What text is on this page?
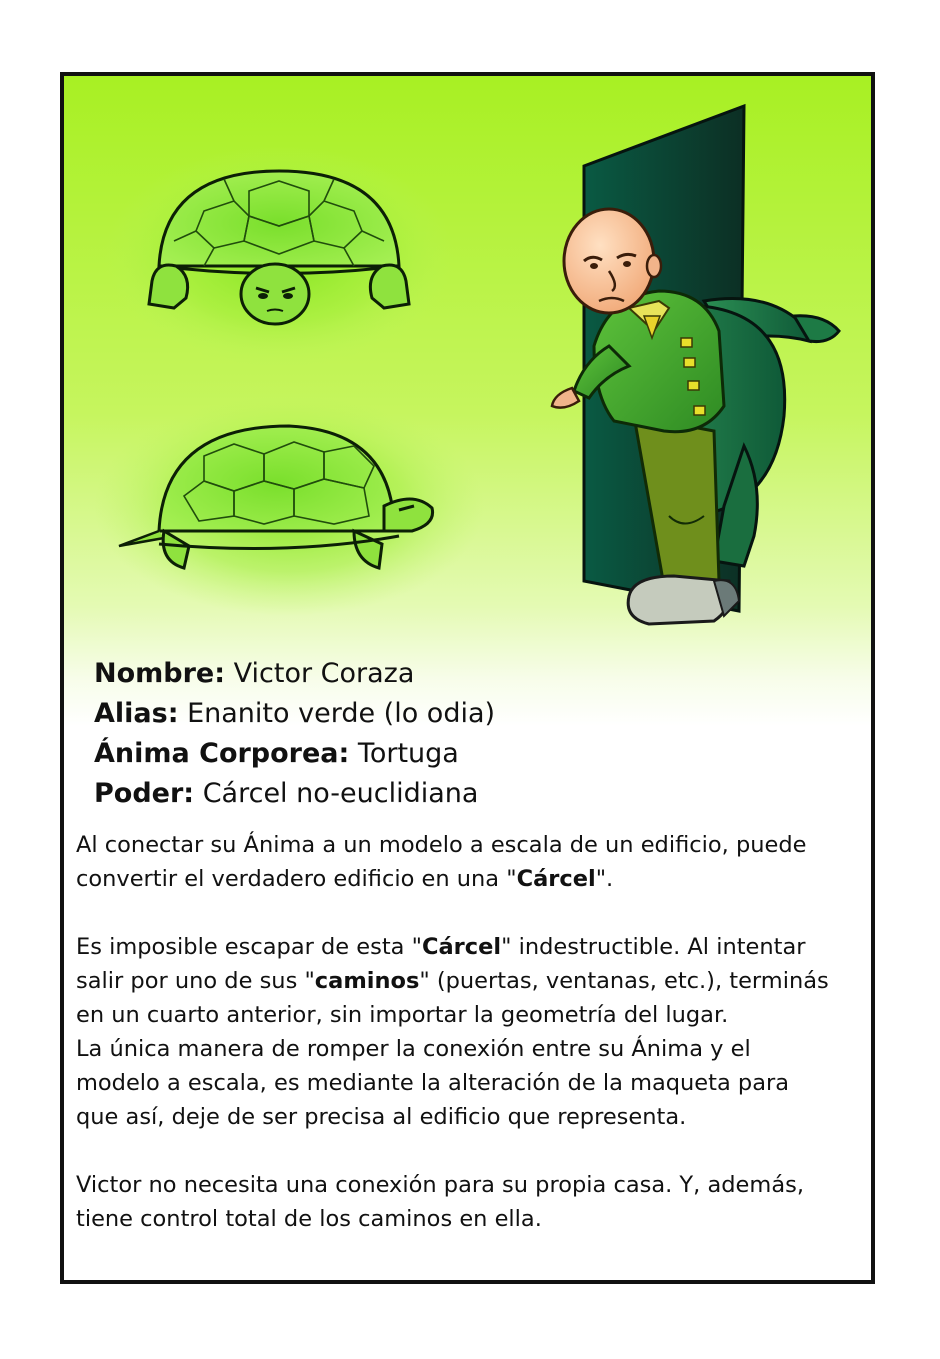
Nombre: Victor Coraza
Alias: Enanito verde (lo odia)
Ánima Corporea: Tortuga
Poder: Cárcel no-euclidiana

Al conectar su Ánima a un modelo a escala de un edificio, puede

convertir el verdadero edificio en una "Cárcel".

Es imposible escapar de esta "Cárcel" indestructible. Al intentar

salir por uno de sus "caminos" (puertas, ventanas, etc.), terminás

en un cuarto anterior, sin importar la geometría del lugar.

La única manera de romper la conexión entre su Ánima y el

modelo a escala, es mediante la alteración de la maqueta para

que así, deje de ser precisa al edificio que representa.

Victor no necesita una conexión para su propia casa. Y, además,

tiene control total de los caminos en ella.
